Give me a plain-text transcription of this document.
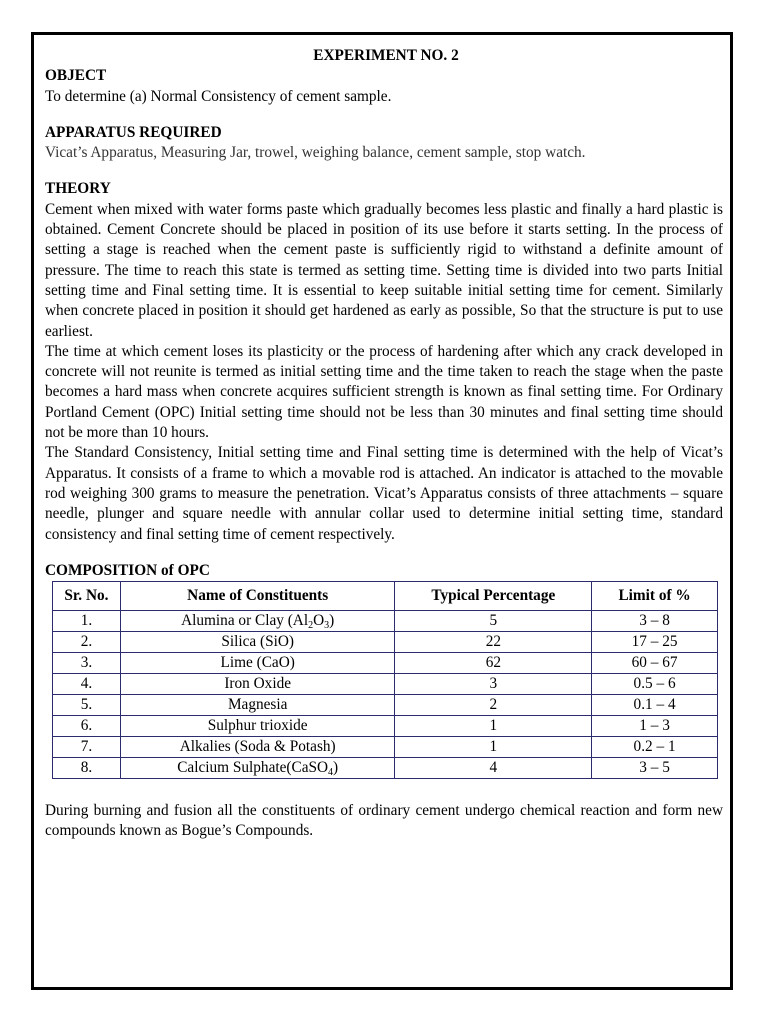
EXPERIMENT NO. 2
OBJECT

To determine (a) Normal Consistency of cement sample.

APPARATUS REQUIRED

Vicat’s Apparatus, Measuring Jar, trowel, weighing balance, cement sample, stop watch.

THEORY

Cement when mixed with water forms paste which gradually becomes less plastic and finally a hard plastic is obtained. Cement Concrete should be placed in position of its use before it starts setting. In the process of setting a stage is reached when the cement paste is sufficiently rigid to withstand a definite amount of pressure. The time to reach this state is termed as setting time. Setting time is divided into two parts Initial setting time and Final setting time. It is essential to keep suitable initial setting time for cement. Similarly when concrete placed in position it should get hardened as early as possible, So that the structure is put to use earliest.

The time at which cement loses its plasticity or the process of hardening after which any crack developed in concrete will not reunite is termed as initial setting time and the time taken to reach the stage when the paste becomes a hard mass when concrete acquires sufficient strength is known as final setting time. For Ordinary Portland Cement (OPC) Initial setting time should not be less than 30 minutes and final setting time should not be more than 10 hours.

The Standard Consistency, Initial setting time and Final setting time is determined with the help of Vicat’s Apparatus. It consists of a frame to which a movable rod is attached. An indicator is attached to the movable rod weighing 300 grams to measure the penetration. Vicat’s Apparatus consists of three attachments – square needle, plunger and square needle with annular collar used to determine initial setting time, standard consistency and final setting time of cement respectively.

COMPOSITION of OPC
Sr. No.	Name of Constituents	Typical Percentage	Limit of %
1.	Alumina or Clay $(Al_2O_3)$	5	3 – 8
2.	Silica (SiO)	22	17 – 25
3.	Lime (CaO)	62	60 – 67
4.	Iron Oxide	3	0.5 – 6
5.	Magnesia	2	0.1 – 4
6.	Sulphur trioxide	1	1 – 3
7.	Alkalies (Soda & Potash)	1	0.2 – 1
8.	Calcium Sulphate(CaSO$_4$)	4	3 – 5

During burning and fusion all the constituents of ordinary cement undergo chemical reaction and form new compounds known as Bogue’s Compounds.
